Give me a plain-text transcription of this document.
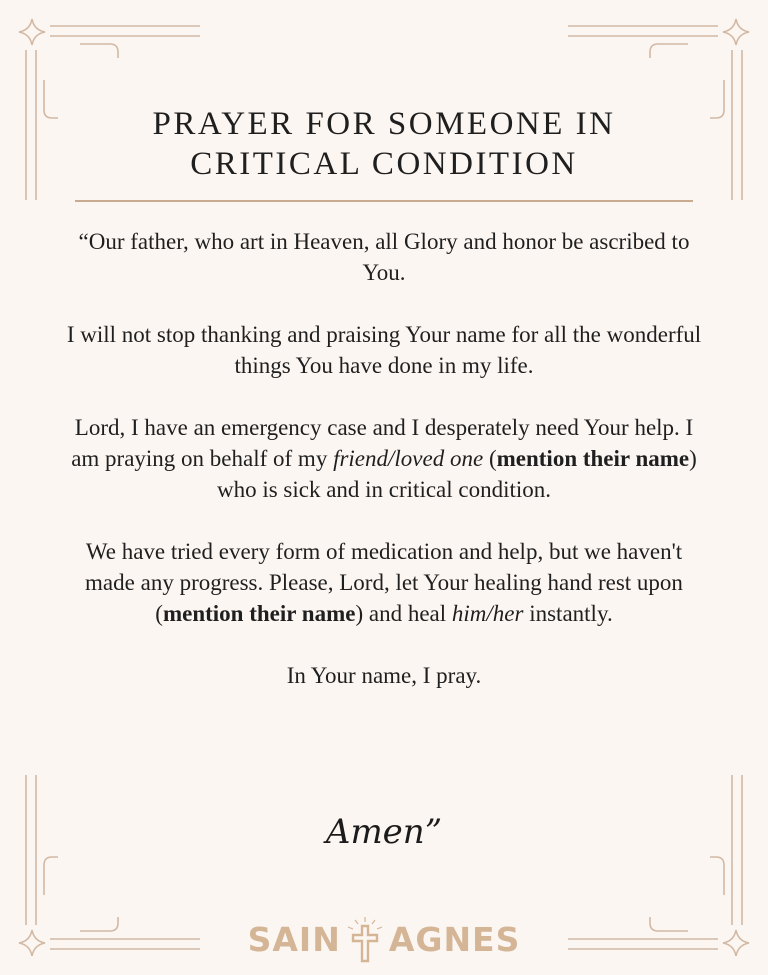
PRAYER FOR SOMEONE IN
CRITICAL CONDITION

“Our father, who art in Heaven, all Glory and honor be ascribed to You.

I will not stop thanking and praising Your name for all the wonderful things You have done in my life.

Lord, I have an emergency case and I desperately need Your help. I am praying on behalf of my friend/loved one (mention their name) who is sick and in critical condition.

We have tried every form of medication and help, but we haven't made any progress. Please, Lord, let Your healing hand rest upon (mention their name) and heal him/her instantly.

In Your name, I pray.

Amen”
SAIN AGNES
